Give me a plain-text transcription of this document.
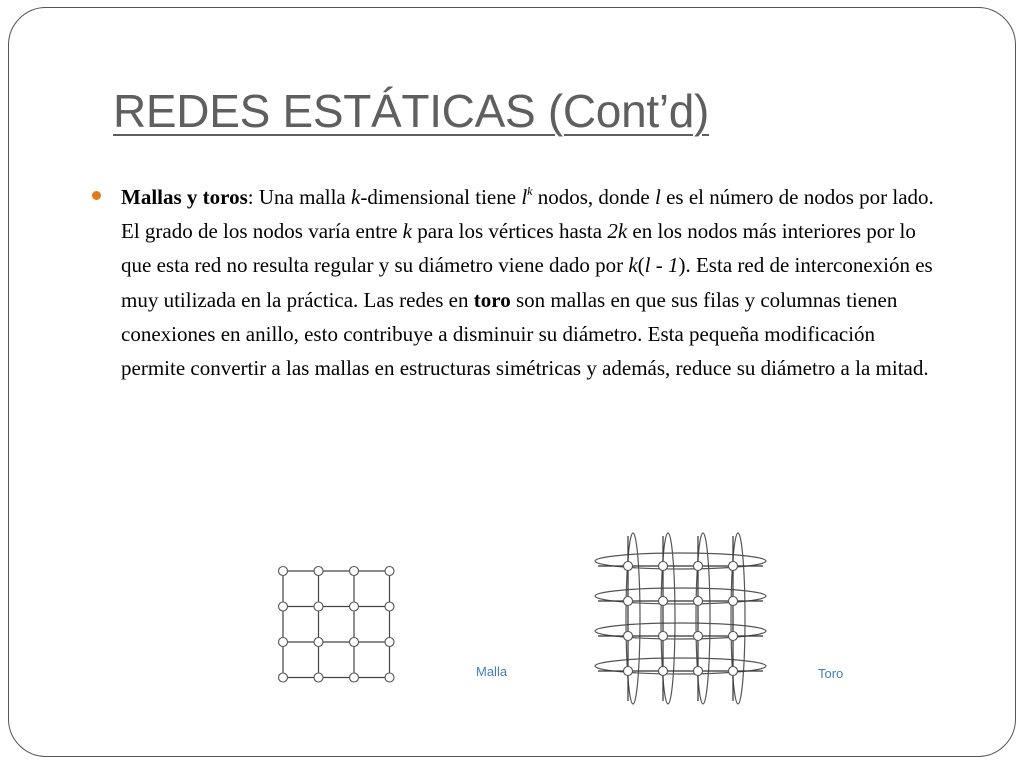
REDES ESTÁTICAS (Cont’d)
Mallas y toros: Una malla k-dimensional tiene $l^k$ nodos, donde l es el número de nodos por lado. El grado de los nodos varía entre k para los vértices hasta 2k en los nodos más interiores por lo que esta red no resulta regular y su diámetro viene dado por k(l - 1). Esta red de interconexión es muy utilizada en la práctica. Las redes en toro son mallas en que sus filas y columnas tienen conexiones en anillo, esto contribuye a disminuir su diámetro. Esta pequeña modificación permite convertir a las mallas en estructuras simétricas y además, reduce su diámetro a la mitad.
Malla	Toro
